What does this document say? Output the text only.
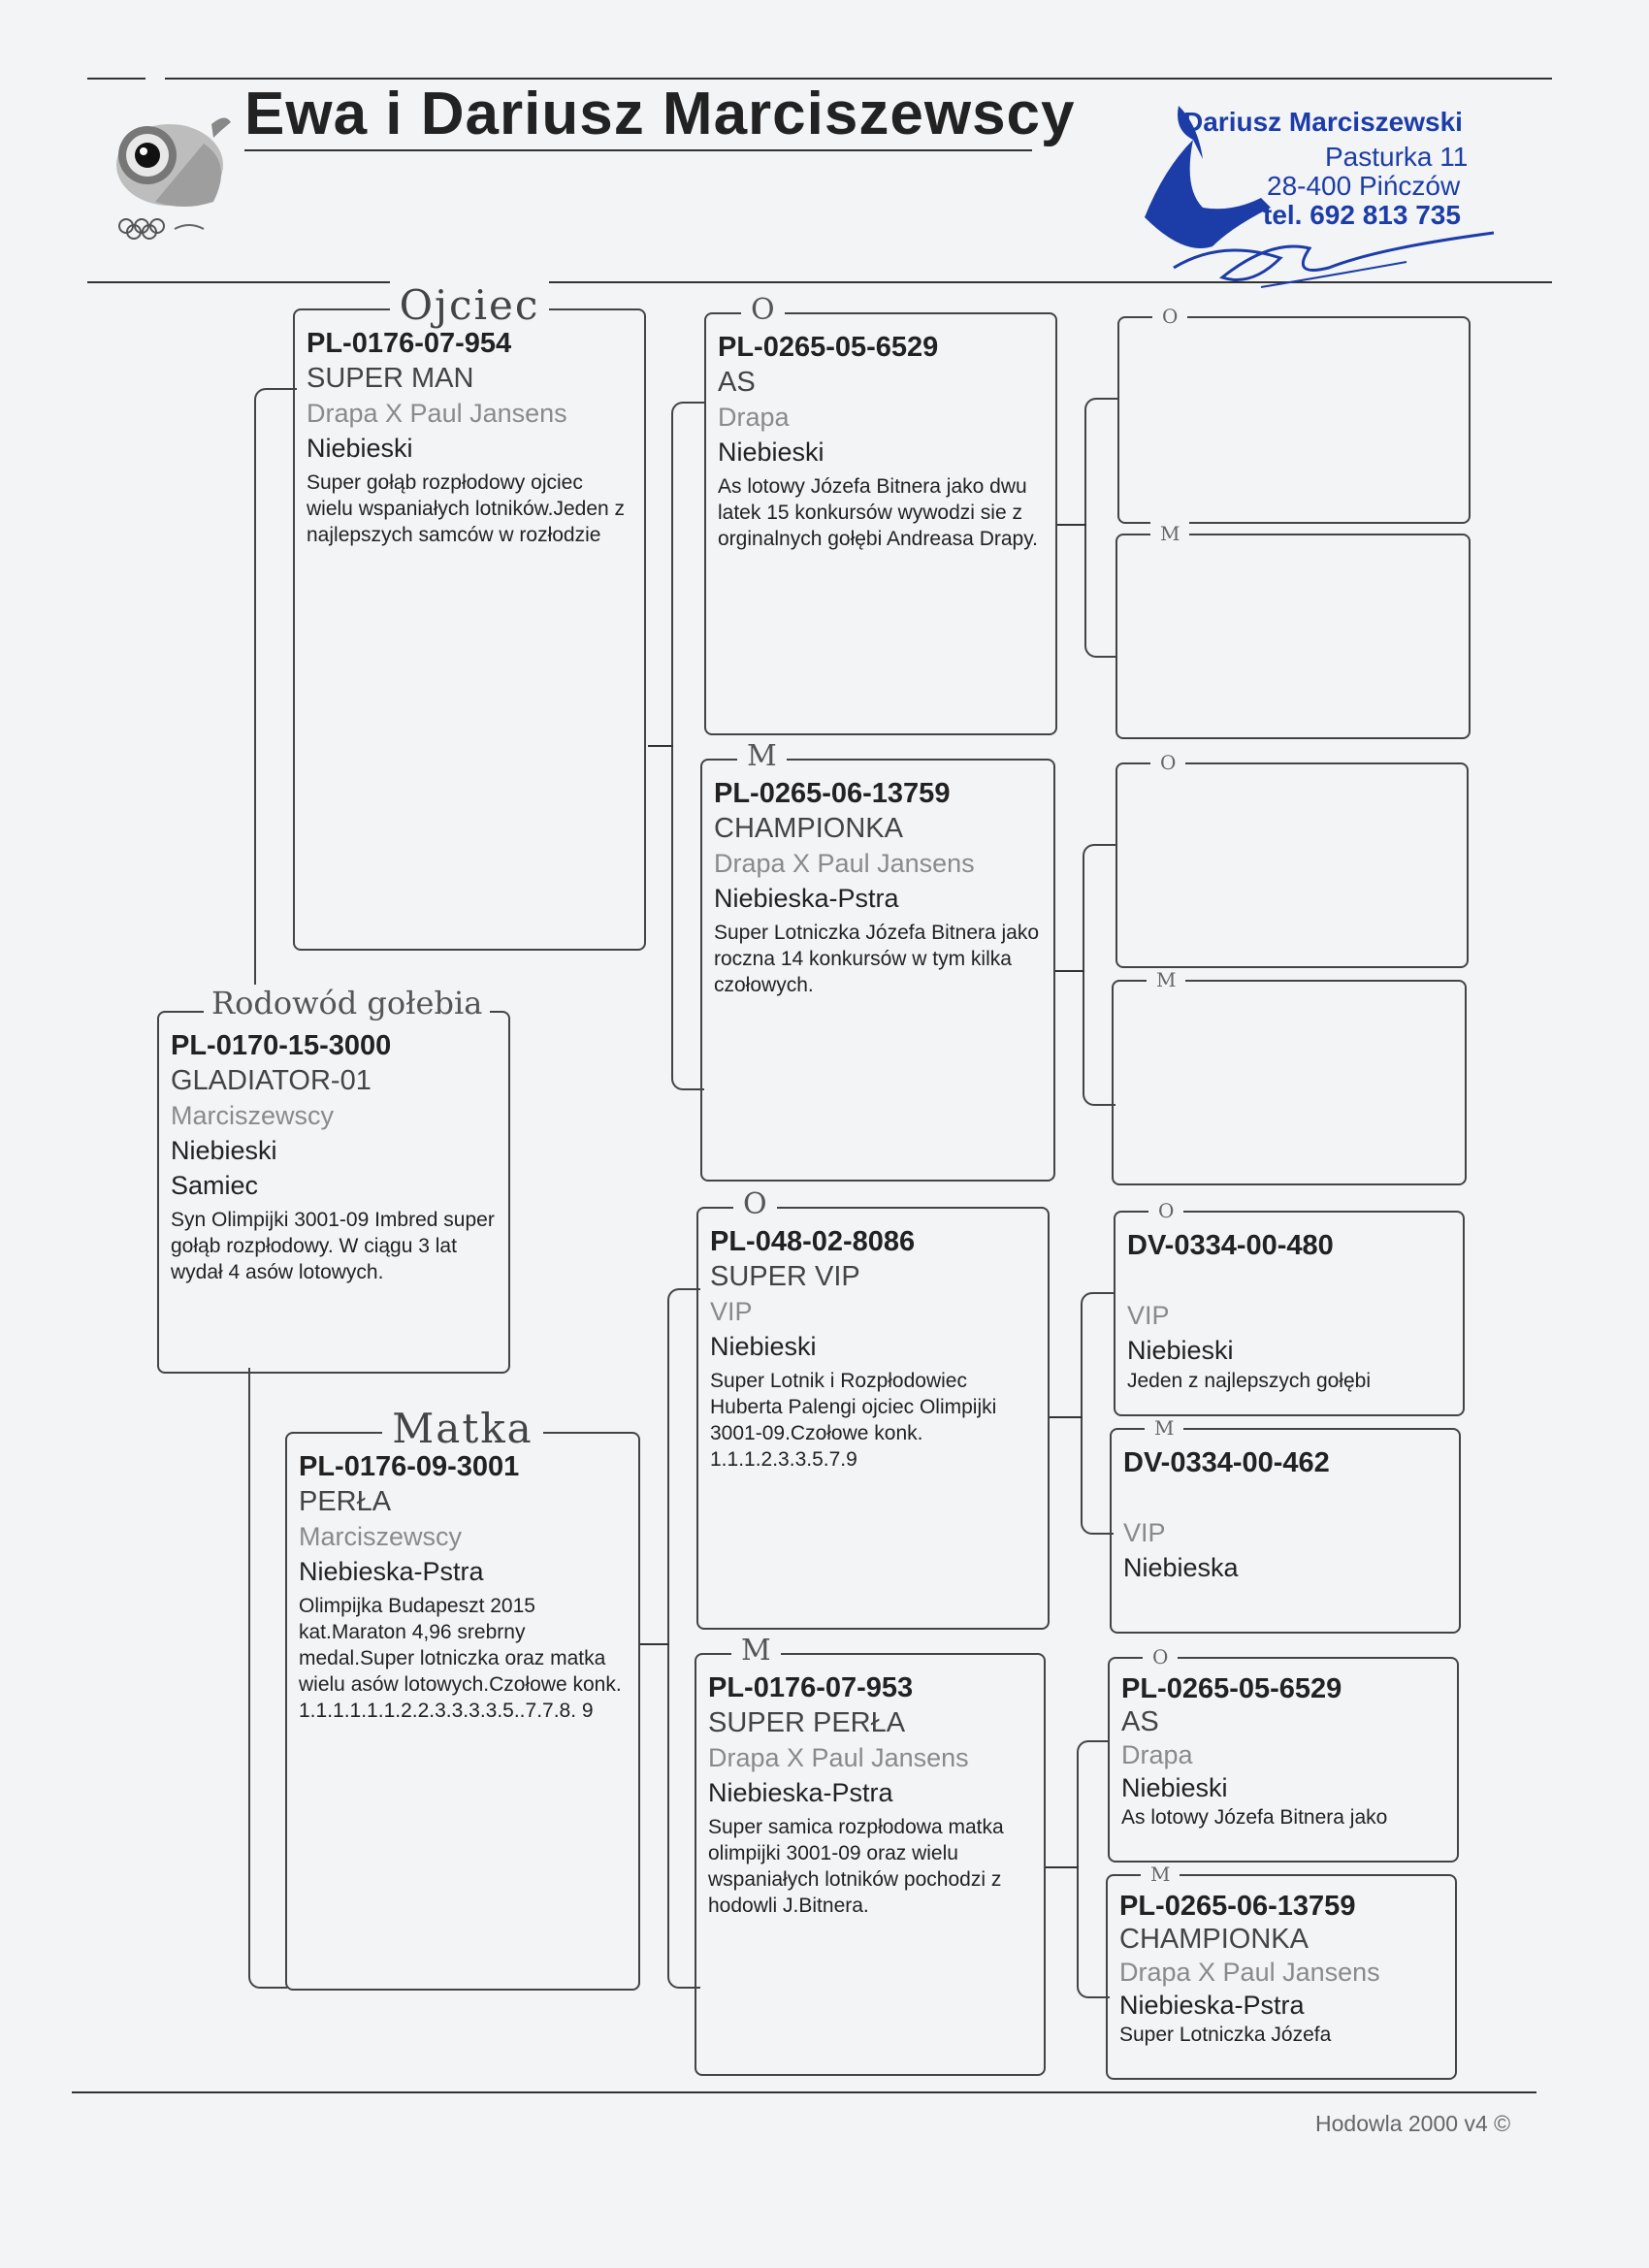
Ewa i Dariusz Marciszewscy	Dariusz Marciszewski
Pasturka 11
28-400 Pińczów
tel. 692 813 735
PL-0170-15-3000
GLADIATOR-01
Marciszewscy
Niebieski
Samiec
Syn Olimpijki 3001-09 Imbred super gołąb rozpłodowy. W ciągu 3 lat wydał 4 asów lotowych.
Rodowód gołebia
Ojciec
PL-0176-07-954
SUPER MAN
Drapa X Paul Jansens
Niebieski
Super gołąb rozpłodowy ojciec wielu wspaniałych lotników.Jeden z najlepszych samców w rozłodzie
Matka
PL-0176-09-3001
PERŁA
Marciszewscy
Niebieska-Pstra
Olimpijka Budapeszt 2015 kat.Maraton 4,96 srebrny medal.Super lotniczka oraz matka wielu asów lotowych.Czołowe konk. 1.1.1.1.1.1.2.2.3.3.3.3.5..7.7.8. 9
O
PL-0265-05-6529
AS
Drapa
Niebieski
As lotowy Józefa Bitnera jako dwu latek 15 konkursów wywodzi sie z orginalnych gołębi Andreasa Drapy.
M
PL-0265-06-13759
CHAMPIONKA
Drapa X Paul Jansens
Niebieska-Pstra
Super Lotniczka Józefa Bitnera jako roczna 14 konkursów w tym kilka czołowych.
O
PL-048-02-8086
SUPER VIP
VIP
Niebieski
Super Lotnik i Rozpłodowiec Huberta Palengi ojciec Olimpijki 3001-09.Czołowe konk. 1.1.1.2.3.3.5.7.9
M
PL-0176-07-953
SUPER PERŁA
Drapa X Paul Jansens
Niebieska-Pstra
Super samica rozpłodowa matka olimpijki 3001-09 oraz wielu wspaniałych lotników pochodzi z hodowli J.Bitnera.
O
M
O
M
O
DV-0334-00-480
VIP
Niebieski
Jeden z najlepszych gołębi
M
DV-0334-00-462
VIP
Niebieska
O
PL-0265-05-6529
AS
Drapa
Niebieski
As lotowy Józefa Bitnera jako
M
PL-0265-06-13759
CHAMPIONKA
Drapa X Paul Jansens
Niebieska-Pstra
Super Lotniczka Józefa
Hodowla 2000 v4 ©
